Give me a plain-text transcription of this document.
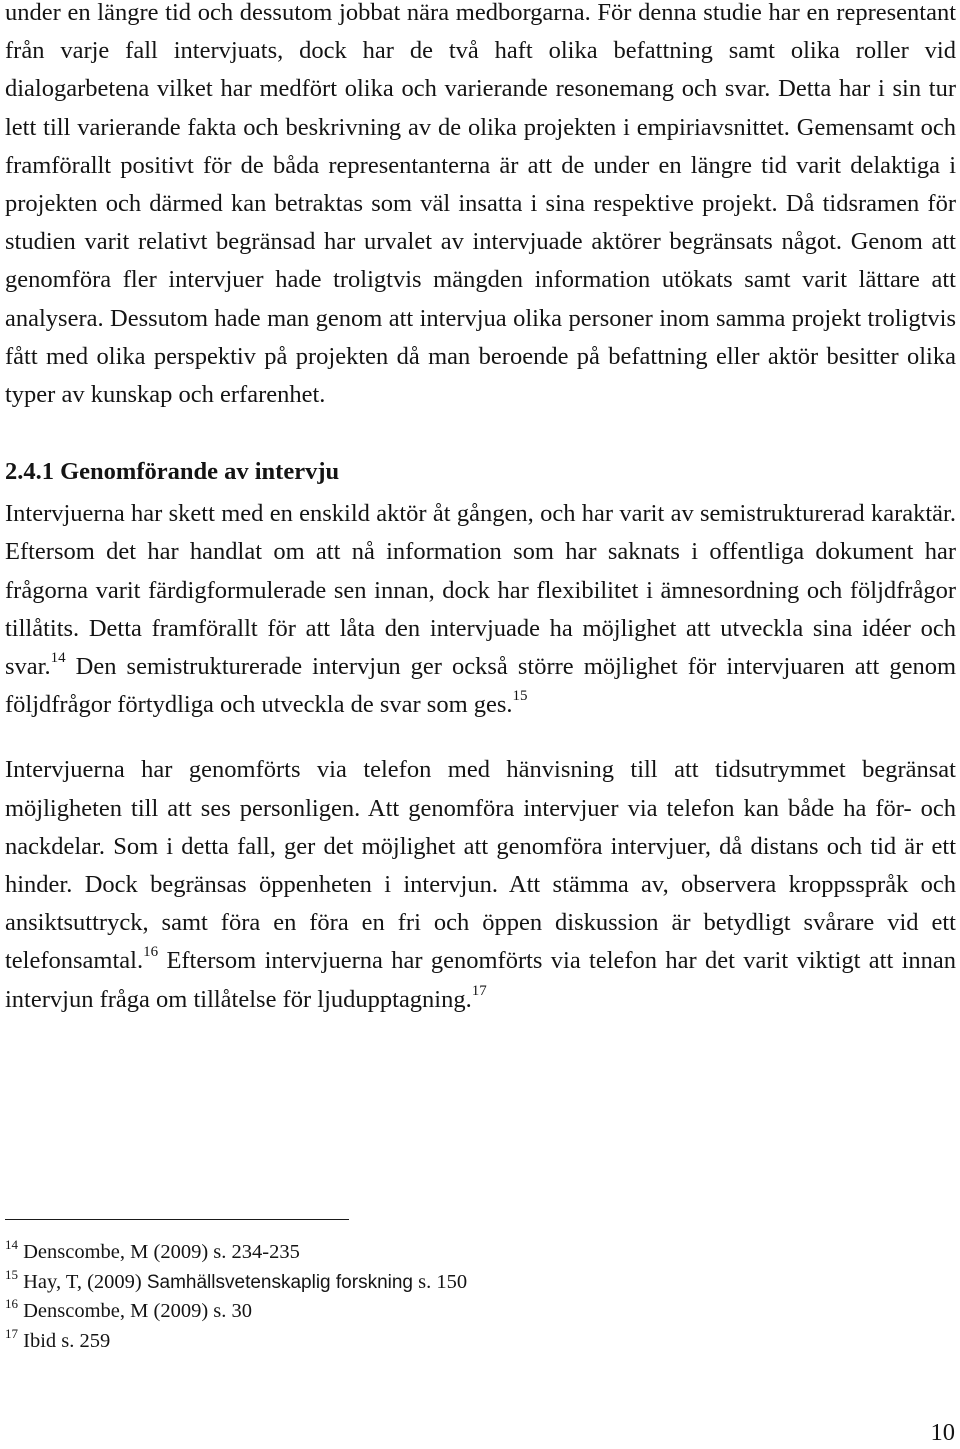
under en längre tid och dessutom jobbat nära medborgarna. För denna studie har en representant från varje fall intervjuats, dock har de två haft olika befattning samt olika roller vid dialogarbetena vilket har medfört olika och varierande resonemang och svar. Detta har i sin tur lett till varierande fakta och beskrivning av de olika projekten i empiriavsnittet. Gemensamt och framförallt positivt för de båda representanterna är att de under en längre tid varit delaktiga i projekten och därmed kan betraktas som väl insatta i sina respektive projekt. Då tidsramen för studien varit relativt begränsad har urvalet av intervjuade aktörer begränsats något. Genom att genomföra fler intervjuer hade troligtvis mängden information utökats samt varit lättare att analysera. Dessutom hade man genom att intervjua olika personer inom samma projekt troligtvis fått med olika perspektiv på projekten då man beroende på befattning eller aktör besitter olika typer av kunskap och erfarenhet.

2.4.1 Genomförande av intervju

Intervjuerna har skett med en enskild aktör åt gången, och har varit av semistrukturerad karaktär. Eftersom det har handlat om att nå information som har saknats i offentliga dokument har frågorna varit färdigformulerade sen innan, dock har flexibilitet i ämnesordning och följdfrågor tillåtits. Detta framförallt för att låta den intervjuade ha möjlighet att utveckla sina idéer och svar.$^{14}$ Den semistrukturerade intervjun ger också större möjlighet för intervjuaren att genom följdfrågor förtydliga och utveckla de svar som ges.$^{15}$

Intervjuerna har genomförts via telefon med hänvisning till att tidsutrymmet begränsat möjligheten till att ses personligen. Att genomföra intervjuer via telefon kan både ha för- och nackdelar. Som i detta fall, ger det möjlighet att genomföra intervjuer, då distans och tid är ett hinder. Dock begränsas öppenheten i intervjun. Att stämma av, observera kroppsspråk och ansiktsuttryck, samt föra en föra en fri och öppen diskussion är betydligt svårare vid ett telefonsamtal.$^{16}$ Eftersom intervjuerna har genomförts via telefon har det varit viktigt att innan intervjun fråga om tillåtelse för ljudupptagning.$^{17}$

$^{14}$ Denscombe, M (2009) s. 234-235

$^{15}$ Hay, T, (2009) Samhällsvetenskaplig forskning s. 150

$^{16}$ Denscombe, M (2009) s. 30

$^{17}$ Ibid s. 259

10
